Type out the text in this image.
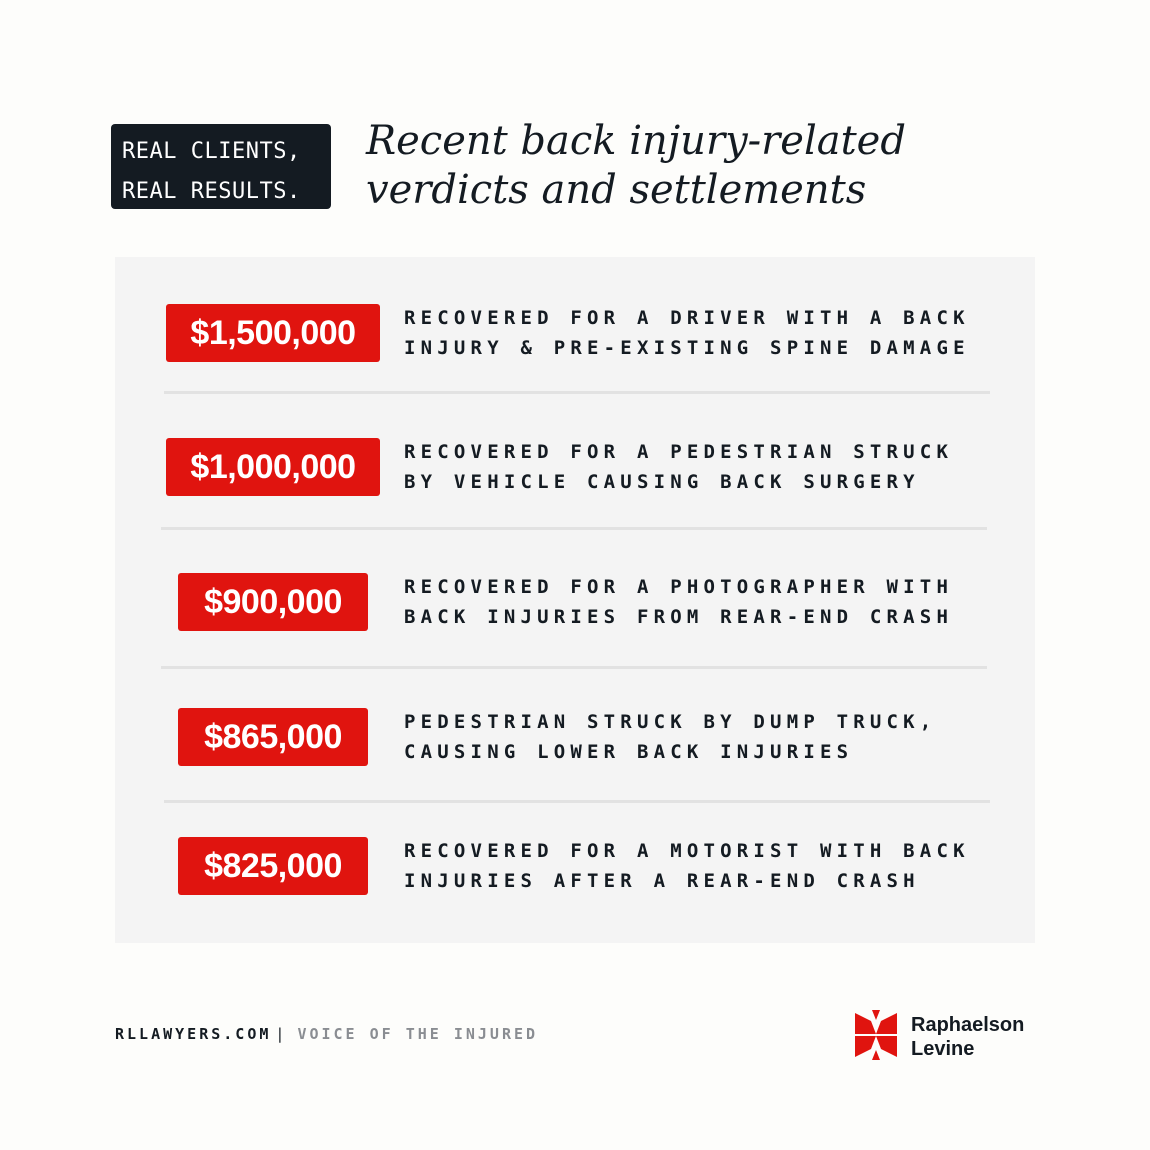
REAL CLIENTS,
REAL RESULTS.
Recent back injury-related
verdicts and settlements
$1,500,000	RECOVERED FOR A DRIVER WITH A BACK
INJURY & PRE-EXISTING SPINE DAMAGE
$1,000,000	RECOVERED FOR A PEDESTRIAN STRUCK
BY VEHICLE CAUSING BACK SURGERY
$900,000	RECOVERED FOR A PHOTOGRAPHER WITH
BACK INJURIES FROM REAR-END CRASH
$865,000	PEDESTRIAN STRUCK BY DUMP TRUCK,
CAUSING LOWER BACK INJURIES
$825,000	RECOVERED FOR A MOTORIST WITH BACK
INJURIES AFTER A REAR-END CRASH
RLLAWYERS.COM | VOICE OF THE INJURED	Raphaelson
Levine
